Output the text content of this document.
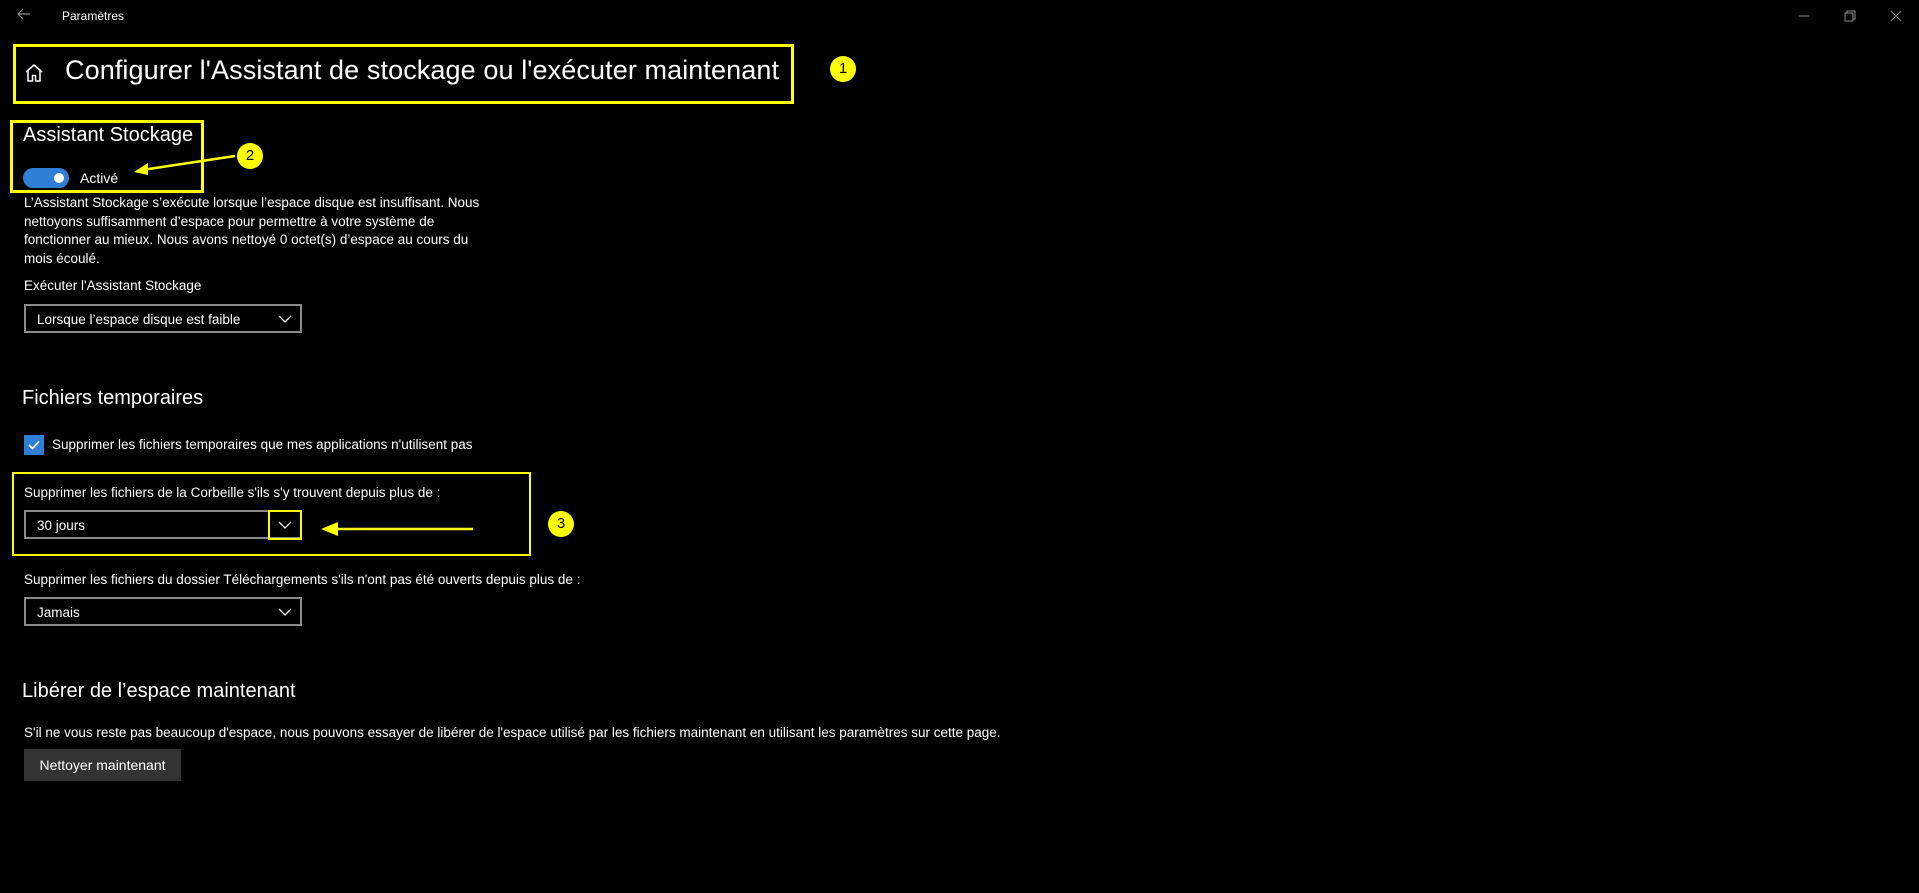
Paramètres
Configurer l'Assistant de stockage ou l'exécuter maintenant	1
Assistant Stockage
Activé
2
L’Assistant Stockage s’exécute lorsque l’espace disque est insuffisant. Nous nettoyons suffisamment d’espace pour permettre à votre système de fonctionner au mieux. Nous avons nettoyé 0 octet(s) d’espace au cours du mois écoulé.
Exécuter l'Assistant Stockage
Lorsque l’espace disque est faible
Fichiers temporaires
Supprimer les fichiers temporaires que mes applications n'utilisent pas
Supprimer les fichiers de la Corbeille s'ils s'y trouvent depuis plus de :
30 jours	3
Supprimer les fichiers du dossier Téléchargements s'ils n'ont pas été ouverts depuis plus de :
Jamais
Libérer de l’espace maintenant
S'il ne vous reste pas beaucoup d'espace, nous pouvons essayer de libérer de l'espace utilisé par les fichiers maintenant en utilisant les paramètres sur cette page.
Nettoyer maintenant
